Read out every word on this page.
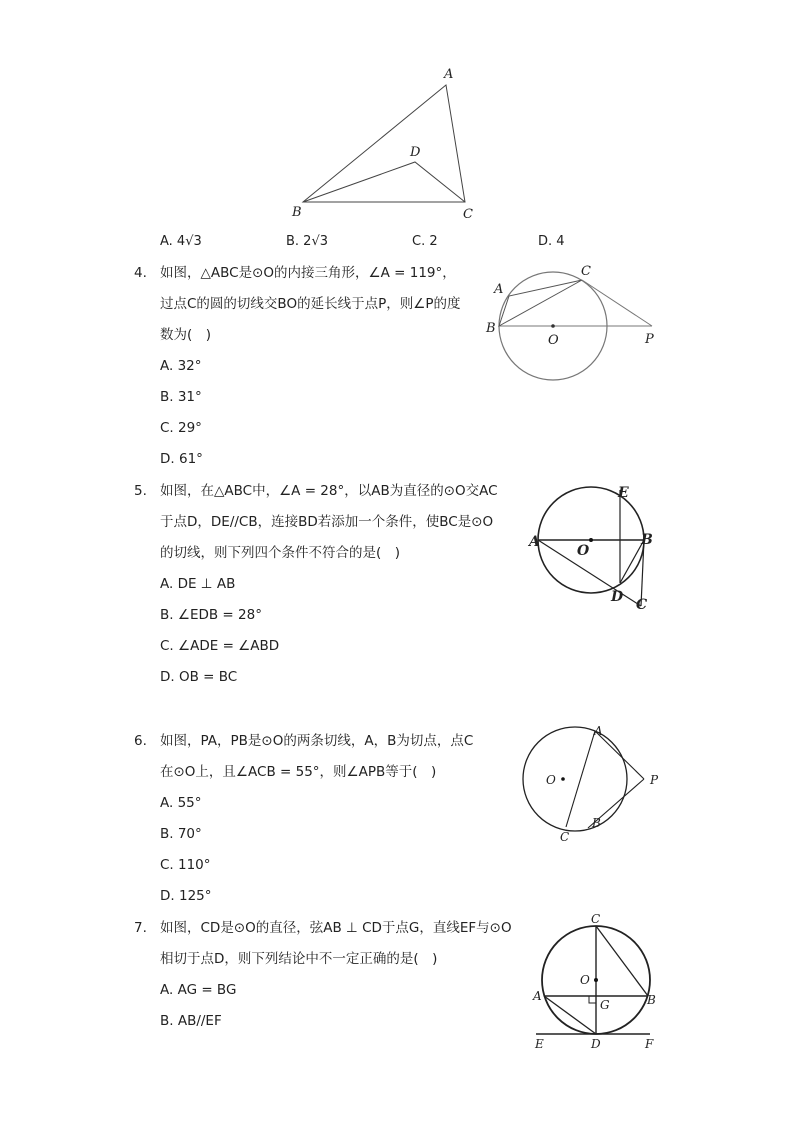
A
D
B	C
A. 4√3	B. 2√3	C. 2	D. 4
4. 如图，△ABC是⊙O的内接三角形，∠A = 119°，
过点C的圆的切线交BO的延长线于点P，则∠P的度
数为(　)
A. 32°
B. 31°
C. 29°
D. 61°
C
A
B
O	P
5. 如图，在△ABC中，∠A = 28°，以AB为直径的⊙O交AC
于点D，DE//CB，连接BD若添加一个条件，使BC是⊙O
的切线，则下列四个条件不符合的是(　)
A. DE ⊥ AB
B. ∠EDB = 28°
C. ∠ADE = ∠ABD
D. OB = BC
E
A
O
B
D C
6. 如图，PA，PB是⊙O的两条切线，A，B为切点，点C
在⊙O上，且∠ACB = 55°，则∠APB等于(　)
A. 55°
B. 70°
C. 110°
D. 125°
A
O	P
B
C
7. 如图，CD是⊙O的直径，弦AB ⊥ CD于点G，直线EF与⊙O
相切于点D，则下列结论中不一定正确的是(　)
A. AG = BG
B. AB//EF
C
O
A
G	B
E	D	F
